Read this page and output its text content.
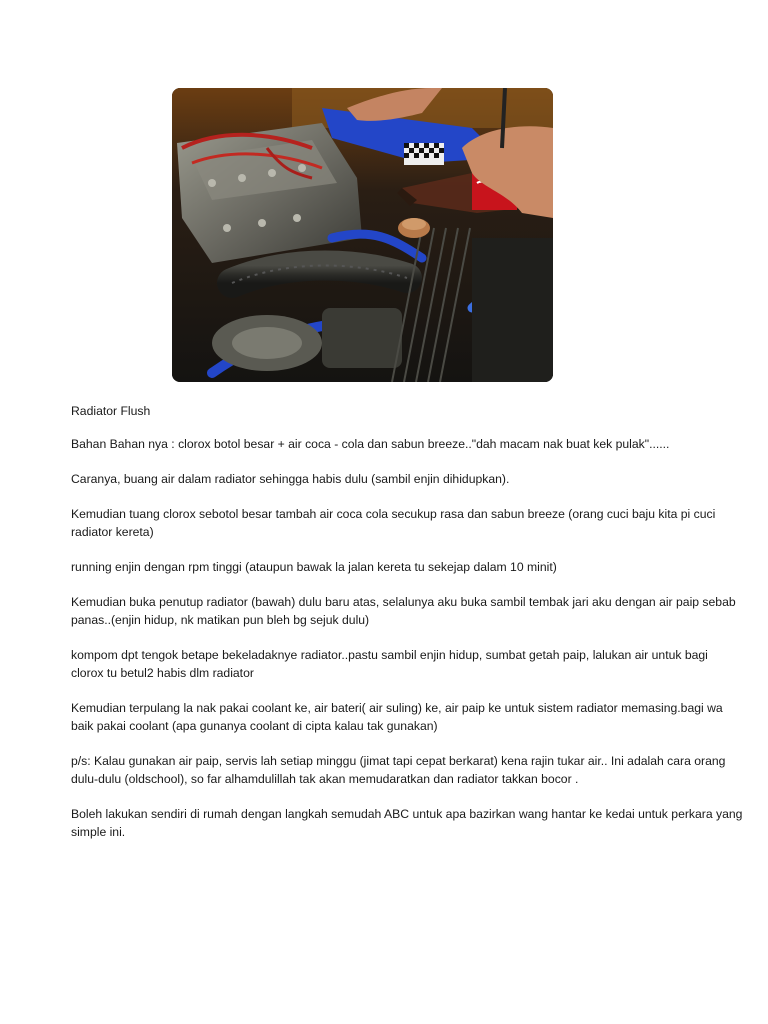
Radiator Flush

Bahan Bahan nya : clorox botol besar + air coca - cola dan sabun breeze.."dah macam nak buat kek pulak"......

Caranya, buang air dalam radiator sehingga habis dulu (sambil enjin dihidupkan).

Kemudian tuang clorox sebotol besar tambah air coca cola secukup rasa dan sabun breeze (orang cuci baju kita pi cuci radiator kereta)

running enjin dengan rpm tinggi (ataupun bawak la jalan kereta tu sekejap dalam 10 minit)

Kemudian buka penutup radiator (bawah) dulu baru atas, selalunya aku buka sambil tembak jari aku dengan air paip sebab panas..(enjin hidup, nk matikan pun bleh bg sejuk dulu)

kompom dpt tengok betape bekeladaknye radiator..pastu sambil enjin hidup, sumbat getah paip, lalukan air untuk bagi clorox tu betul2 habis dlm radiator

Kemudian terpulang la nak pakai coolant ke, air bateri( air suling) ke, air paip ke untuk sistem radiator memasing.bagi wa baik pakai coolant (apa gunanya coolant di cipta kalau tak gunakan)

p/s: Kalau gunakan air paip, servis lah setiap minggu (jimat tapi cepat berkarat) kena rajin tukar air.. Ini adalah cara orang dulu-dulu (oldschool), so far alhamdulillah tak akan memudaratkan dan radiator takkan bocor .

Boleh lakukan sendiri di rumah dengan langkah semudah ABC untuk apa bazirkan wang hantar ke kedai untuk perkara yang simple ini.
